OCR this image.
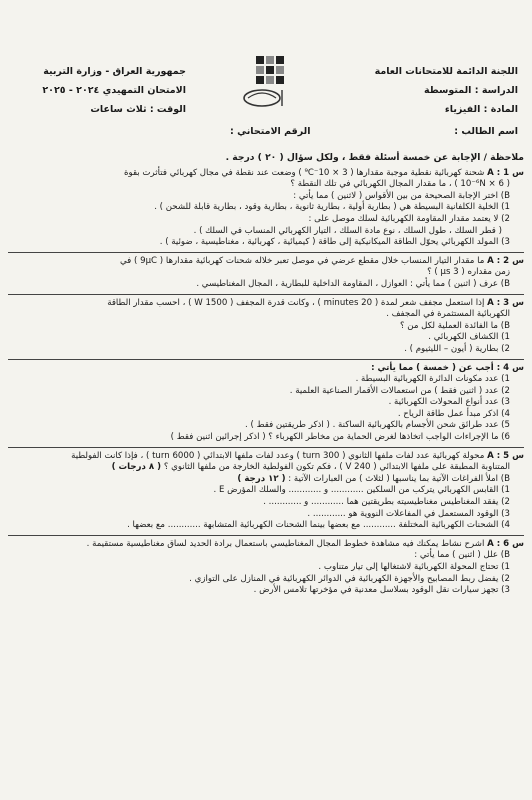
اللجنة الدائمة للامتحانات العامة
الدراسة : المتوسطة
المادة : الفيزياء
جمهورية العراق - وزارة التربية
الامتحان التمهيدي ٢٠٢٤ - ٢٠٢٥
الوقت : ثلاث ساعات
اسم الطالب :
الرقم الامتحاني :
ملاحظة / الإجابة عن خمسة أسئلة فقط ، ولكل سؤال ( ٢٠ ) درجة .
س 1 : A شحنة كهربائية نقطية موجبة مقدارها ( 3 × 10⁻⁹C ) وضعت عند نقطة في مجال كهربائي فتأثرت بقوة
( 6 × 10⁻⁶N ) ، ما مقدار المجال الكهربائي في تلك النقطة ؟
B) اختر الإجابة الصحيحة من بين الأقواس ( لاثنين ) مما يأتي :
1) الخلية الكلفانية البسيطة هي ( بطارية أولية ، بطارية ثانوية ، بطارية وقود ، بطارية قابلة للشحن ) .
2) لا يعتمد مقدار المقاومة الكهربائية لسلك موصل على :
( قطر السلك ، طول السلك ، نوع مادة السلك ، التيار الكهربائي المنساب في السلك ) .
3) المولد الكهربائي يحوّل الطاقة الميكانيكية إلى طاقة ( كيميائية ، كهربائية ، مغناطيسية ، ضوئية ) .
س 2 : A ما مقدار التيار المنساب خلال مقطع عرضي في موصل تعبر خلاله شحنات كهربائية مقدارها ( 9μC ) في
زمن مقداره ( 3 μs ) ؟
B) عرف ( اثنين ) مما يأتي : العوازل ، المقاومة الداخلية للبطارية ، المجال المغناطيسي .
س 3 : A إذا استعمل مجفف شعر لمدة ( 20 minutes ) ، وكانت قدرة المجفف ( 1500 W ) ، احسب مقدار الطاقة
الكهربائية المستثمرة في المجفف .
B) ما الفائدة العملية لكل من ؟
1) الكشاف الكهربائي .
2) بطارية ( أيون – الليثيوم ) .
س 4 : أجب عن ( خمسة ) مما يأتي :
1) عدد مكونات الدائرة الكهربائية البسيطة .
2) عدد ( اثنين فقط ) من استعمالات الأقمار الصناعية العلمية .
3) عدد أنواع المحولات الكهربائية .
4) اذكر مبدأ عمل طاقة الرياح .
5) عدد طرائق شحن الأجسام بالكهربائية الساكنة . ( اذكر طريقتين فقط ) .
6) ما الإجراءات الواجب اتخاذها لغرض الحماية من مخاطر الكهرباء ؟ ( اذكر إجرائين اثنين فقط )
س 5 : A محولة كهربائية عدد لفات ملفها الثانوي ( 300 turn ) وعدد لفات ملفها الابتدائي ( 6000 turn ) ، فإذا كانت الفولطية
المتناوبة المطبقة على ملفها الابتدائي ( 240 V ) ، فكم تكون الفولطية الخارجة من ملفها الثانوي ؟ ( ٨ درجات )
B) املأ الفراغات الآتية بما يناسبها ( لثلاث ) من العبارات الآتية : ( ١٢ درجة )
1) القابس الكهربائي يتركب من السلكين ............ و ............ والسلك المؤرض E .
2) يفقد المغناطيس مغناطيسيته بطريقتين هما ............ و ............ .
3) الوقود المستعمل في المفاعلات النووية هو ............ .
4) الشحنات الكهربائية المختلفة ............ مع بعضها بينما الشحنات الكهربائية المتشابهة ............ مع بعضها .
س 6 : A اشرح نشاط يمكنك فيه مشاهدة خطوط المجال المغناطيسي باستعمال برادة الحديد لساق مغناطيسية مستقيمة .
B) علل ( اثنين ) مما يأتي :
1) تحتاج المحولة الكهربائية لاشتغالها إلى تيار متناوب .
2) يفضل ربط المصابيح والأجهزة الكهربائية في الدوائر الكهربائية في المنازل على التوازي .
3) تجهز سيارات نقل الوقود بسلاسل معدنية في مؤخرتها تلامس الأرض .
